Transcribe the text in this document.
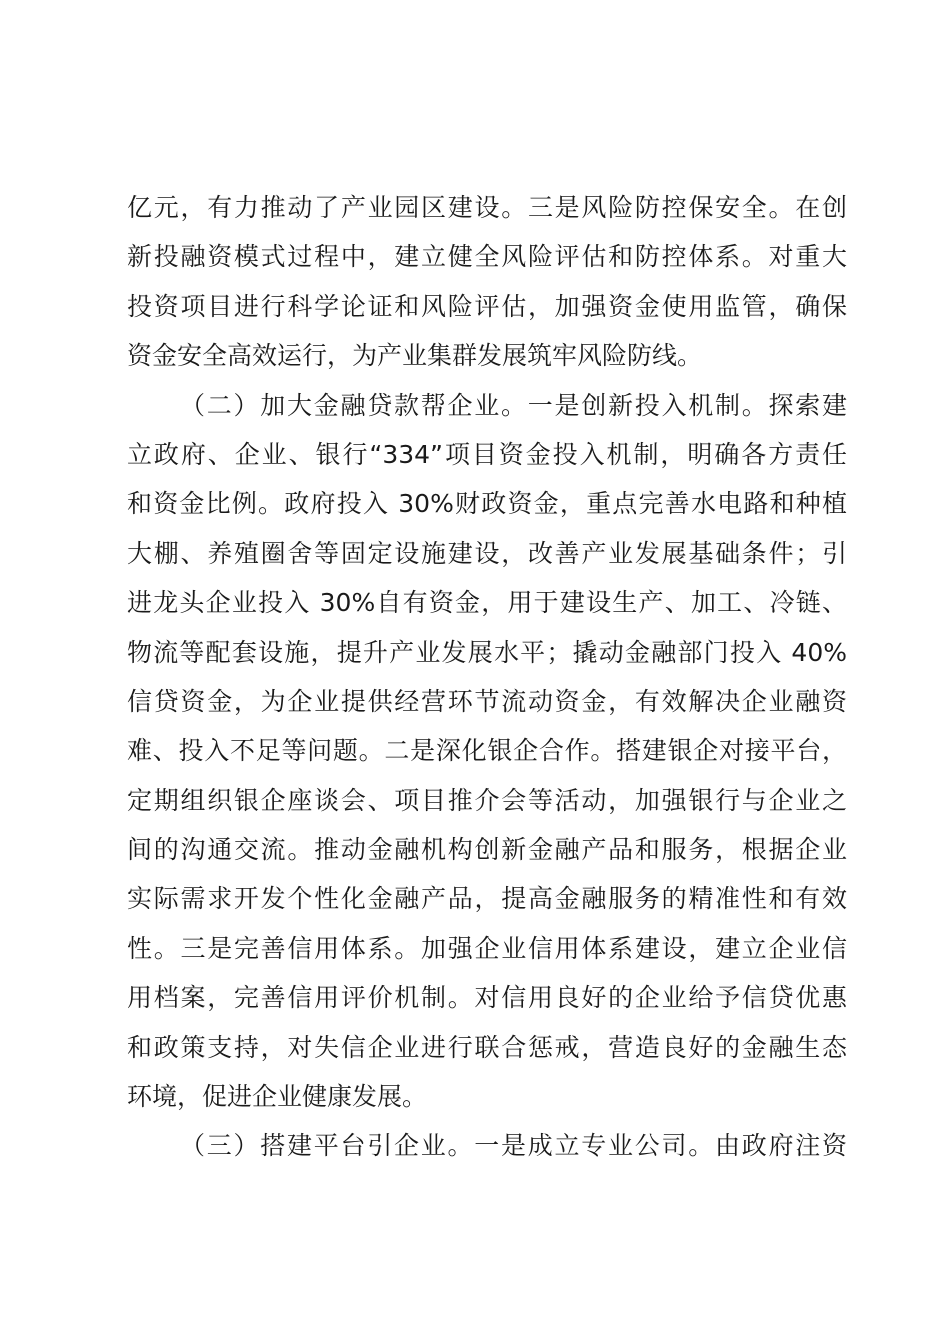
亿元，有力推动了产业园区建设。三是风险防控保安全。在创
新投融资模式过程中，建立健全风险评估和防控体系。对重大
投资项目进行科学论证和风险评估，加强资金使用监管，确保
资金安全高效运行，为产业集群发展筑牢风险防线。
（二）加大金融贷款帮企业。一是创新投入机制。探索建
立政府、企业、银行“334”项目资金投入机制，明确各方责任
和资金比例。政府投入 30%财政资金，重点完善水电路和种植
大棚、养殖圈舍等固定设施建设，改善产业发展基础条件；引
进龙头企业投入 30%自有资金，用于建设生产、加工、冷链、
物流等配套设施，提升产业发展水平；撬动金融部门投入 40%
信贷资金，为企业提供经营环节流动资金，有效解决企业融资
难、投入不足等问题。二是深化银企合作。搭建银企对接平台，
定期组织银企座谈会、项目推介会等活动，加强银行与企业之
间的沟通交流。推动金融机构创新金融产品和服务，根据企业
实际需求开发个性化金融产品，提高金融服务的精准性和有效
性。三是完善信用体系。加强企业信用体系建设，建立企业信
用档案，完善信用评价机制。对信用良好的企业给予信贷优惠
和政策支持，对失信企业进行联合惩戒，营造良好的金融生态
环境，促进企业健康发展。
（三）搭建平台引企业。一是成立专业公司。由政府注资
